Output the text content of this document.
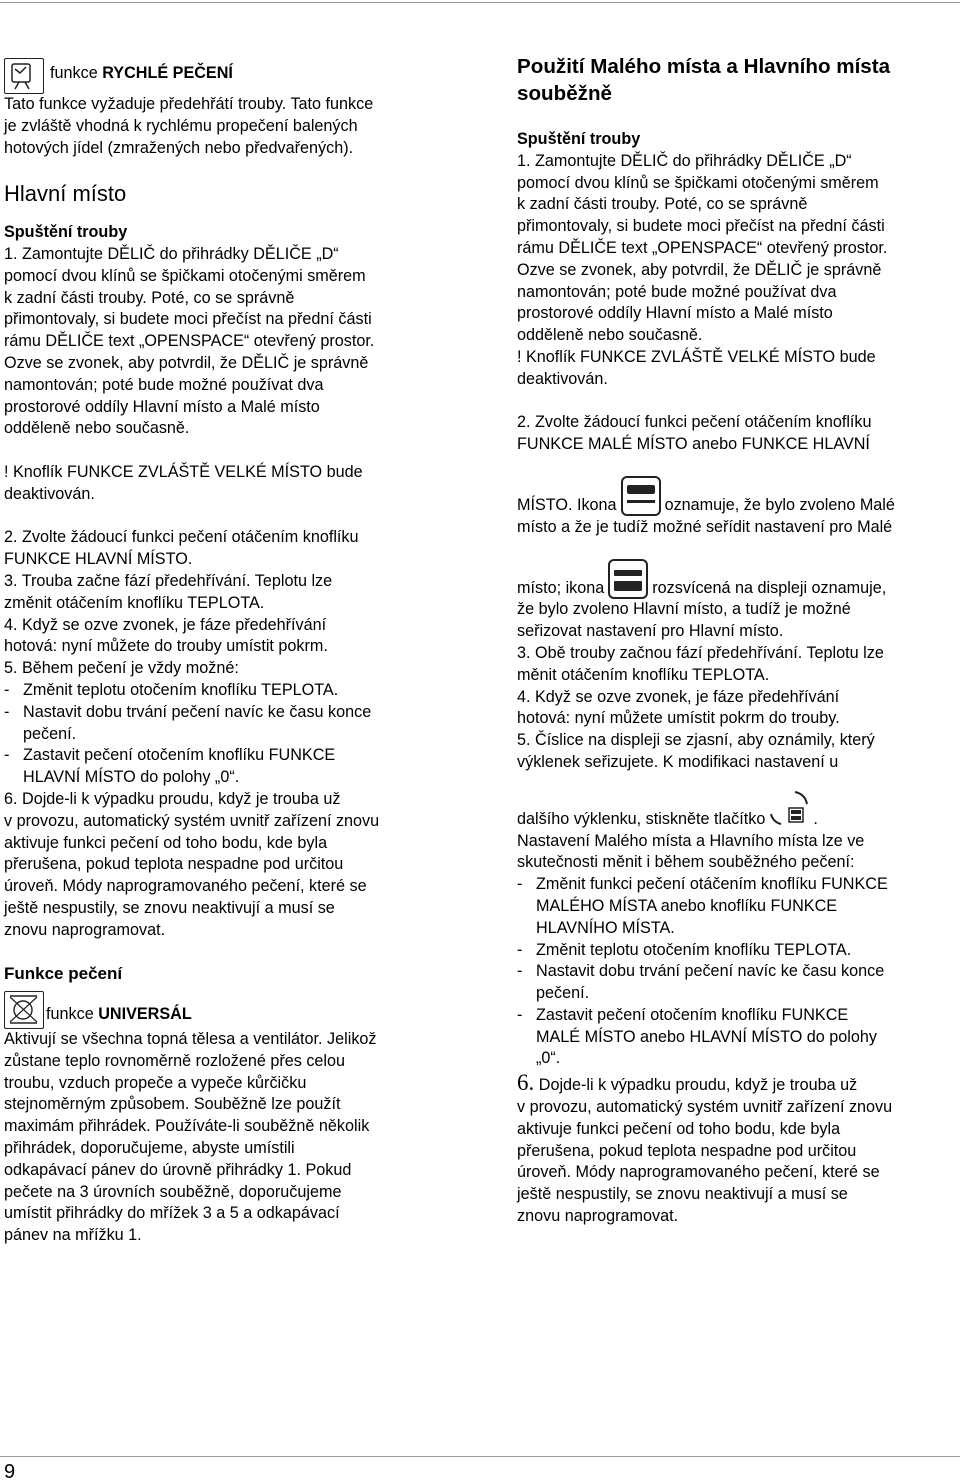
funkce RYCHLÉ PEČENÍ

Tato funkce vyžaduje předehřátí trouby. Tato funkce

je zvláště vhodná k rychlému propečení balených

hotových jídel (zmražených nebo předvařených).

Hlavní místo

Spuštění trouby

1. Zamontujte DĚLIČ do přihrádky DĚLIČE „D“

pomocí dvou klínů se špičkami otočenými směrem

k zadní části trouby. Poté, co se správně

přimontovaly, si budete moci přečíst na přední části

rámu DĚLIČE text „OPENSPACE“ otevřený prostor.

Ozve se zvonek, aby potvrdil, že DĚLIČ je správně

namontován; poté bude možné používat dva

prostorové oddíly Hlavní místo a Malé místo

odděleně nebo současně.

! Knoflík FUNKCE ZVLÁŠTĚ VELKÉ MÍSTO bude

deaktivován.

2. Zvolte žádoucí funkci pečení otáčením knoflíku

FUNKCE HLAVNÍ MÍSTO.

3. Trouba začne fází předehřívání. Teplotu lze

změnit otáčením knoflíku TEPLOTA.

4. Když se ozve zvonek, je fáze předehřívání

hotová: nyní můžete do trouby umístit pokrm.

5. Během pečení je vždy možné:

- Změnit teplotu otočením knoflíku TEPLOTA.
- Nastavit dobu trvání pečení navíc ke času konce
pečení.
- Zastavit pečení otočením knoflíku FUNKCE
HLAVNÍ MÍSTO do polohy „0“.

6. Dojde-li k výpadku proudu, když je trouba už

v provozu, automatický systém uvnitř zařízení znovu

aktivuje funkci pečení od toho bodu, kde byla

přerušena, pokud teplota nespadne pod určitou

úroveň. Módy naprogramovaného pečení, které se

ještě nespustily, se znovu neaktivují a musí se

znovu naprogramovat.

Funkce pečení

funkce UNIVERSÁL

Aktivují se všechna topná tělesa a ventilátor. Jelikož

zůstane teplo rovnoměrně rozložené přes celou

troubu, vzduch propeče a vypeče kůrčičku

stejnoměrným způsobem. Souběžně lze použít

maximám přihrádek. Používáte-li souběžně několik

přihrádek, doporučujeme, abyste umístili

odkapávací pánev do úrovně přihrádky 1. Pokud

pečete na 3 úrovních souběžně, doporučujeme

umístit přihrádky do mřížek 3 a 5 a odkapávací

pánev na mřížku 1.

Použití Malého místa a Hlavního místa

souběžně

Spuštění trouby

1. Zamontujte DĚLIČ do přihrádky DĚLIČE „D“

pomocí dvou klínů se špičkami otočenými směrem

k zadní části trouby. Poté, co se správně

přimontovaly, si budete moci přečíst na přední části

rámu DĚLIČE text „OPENSPACE“ otevřený prostor.

Ozve se zvonek, aby potvrdil, že DĚLIČ je správně

namontován; poté bude možné používat dva

prostorové oddíly Hlavní místo a Malé místo

odděleně nebo současně.

! Knoflík FUNKCE ZVLÁŠTĚ VELKÉ MÍSTO bude

deaktivován.

2. Zvolte žádoucí funkci pečení otáčením knoflíku

FUNKCE MALÉ MÍSTO anebo FUNKCE HLAVNÍ

MÍSTO. Ikona	oznamuje, že bylo zvoleno Malé

místo a že je tudíž možné seřídit nastavení pro Malé

místo; ikona	rozsvícená na displeji oznamuje,

že bylo zvoleno Hlavní místo, a tudíž je možné

seřizovat nastavení pro Hlavní místo.

3. Obě trouby začnou fází předehřívání. Teplotu lze

měnit otáčením knoflíku TEPLOTA.

4. Když se ozve zvonek, je fáze předehřívání

hotová: nyní můžete umístit pokrm do trouby.

5. Číslice na displeji se zjasní, aby oznámily, který

výklenek seřizujete. K modifikaci nastavení u

dalšího výklenku, stiskněte tlačítko	.

Nastavení Malého místa a Hlavního místa lze ve

skutečnosti měnit i během souběžného pečení:

- Změnit funkci pečení otáčením knoflíku FUNKCE
MALÉHO MÍSTA anebo knoflíku FUNKCE
HLAVNÍHO MÍSTA.
- Změnit teplotu otočením knoflíku TEPLOTA.
- Nastavit dobu trvání pečení navíc ke času konce
pečení.
- Zastavit pečení otočením knoflíku FUNKCE
MALÉ MÍSTO anebo HLAVNÍ MÍSTO do polohy
„0“.

6. Dojde-li k výpadku proudu, když je trouba už

v provozu, automatický systém uvnitř zařízení znovu

aktivuje funkci pečení od toho bodu, kde byla

přerušena, pokud teplota nespadne pod určitou

úroveň. Módy naprogramovaného pečení, které se

ještě nespustily, se znovu neaktivují a musí se

znovu naprogramovat.

9
